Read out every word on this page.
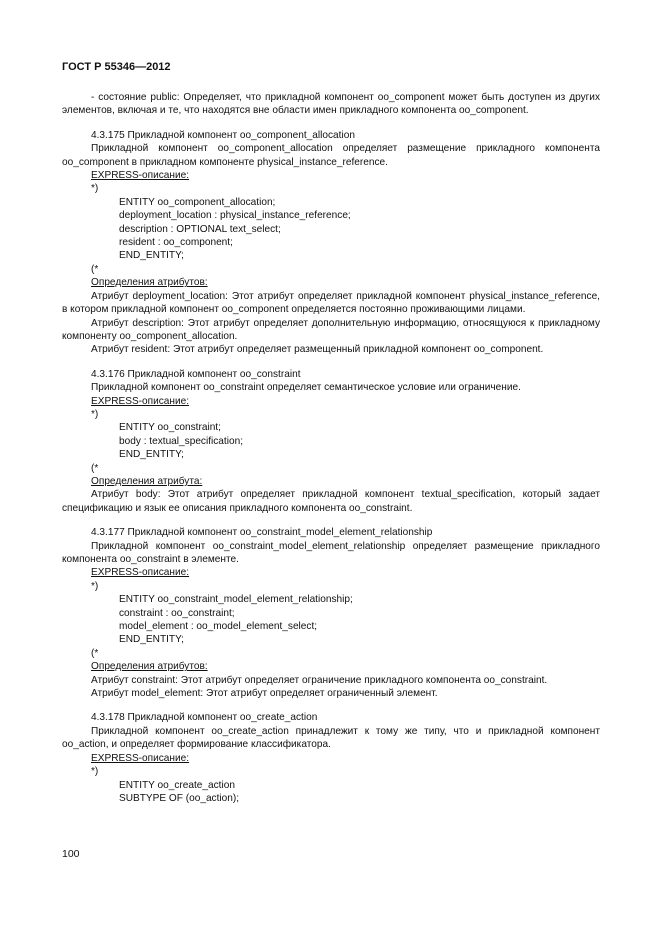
ГОСТ Р 55346—2012

- состояние public: Определяет, что прикладной компонент oo_component может быть доступен из других элементов, включая и те, что находятся вне области имен прикладного компонента oo_component.

4.3.175 Прикладной компонент oo_component_allocation

Прикладной компонент oo_component_allocation определяет размещение прикладного компонента oo_component в прикладном компоненте physical_instance_reference.

EXPRESS-описание:
*)
ENTITY oo_component_allocation;
deployment_location : physical_instance_reference;
description : OPTIONAL text_select;
resident : oo_component;
END_ENTITY;
(*
Определения атрибутов:

Атрибут deployment_location: Этот атрибут определяет прикладной компонент physical_instance_reference, в котором прикладной компонент oo_component определяется постоянно проживающими лицами.

Атрибут description: Этот атрибут определяет дополнительную информацию, относящуюся к прикладному компоненту oo_component_allocation.

Атрибут resident: Этот атрибут определяет размещенный прикладной компонент oo_component.

4.3.176 Прикладной компонент oo_constraint

Прикладной компонент oo_constraint определяет семантическое условие или ограничение.

EXPRESS-описание:
*)
ENTITY oo_constraint;
body : textual_specification;
END_ENTITY;
(*
Определения атрибута:

Атрибут body: Этот атрибут определяет прикладной компонент textual_specification, который задает спецификацию и язык ее описания прикладного компонента oo_constraint.

4.3.177 Прикладной компонент oo_constraint_model_element_relationship

Прикладной компонент oo_constraint_model_element_relationship определяет размещение прикладного компонента oo_constraint в элементе.

EXPRESS-описание:
*)
ENTITY oo_constraint_model_element_relationship;
constraint : oo_constraint;
model_element : oo_model_element_select;
END_ENTITY;
(*
Определения атрибутов:

Атрибут constraint: Этот атрибут определяет ограничение прикладного компонента oo_constraint.

Атрибут model_element: Этот атрибут определяет ограниченный элемент.

4.3.178 Прикладной компонент oo_create_action

Прикладной компонент oo_create_action принадлежит к тому же типу, что и прикладной компонент oo_action, и определяет формирование классификатора.

EXPRESS-описание:
*)
ENTITY oo_create_action
SUBTYPE OF (oo_action);
100
